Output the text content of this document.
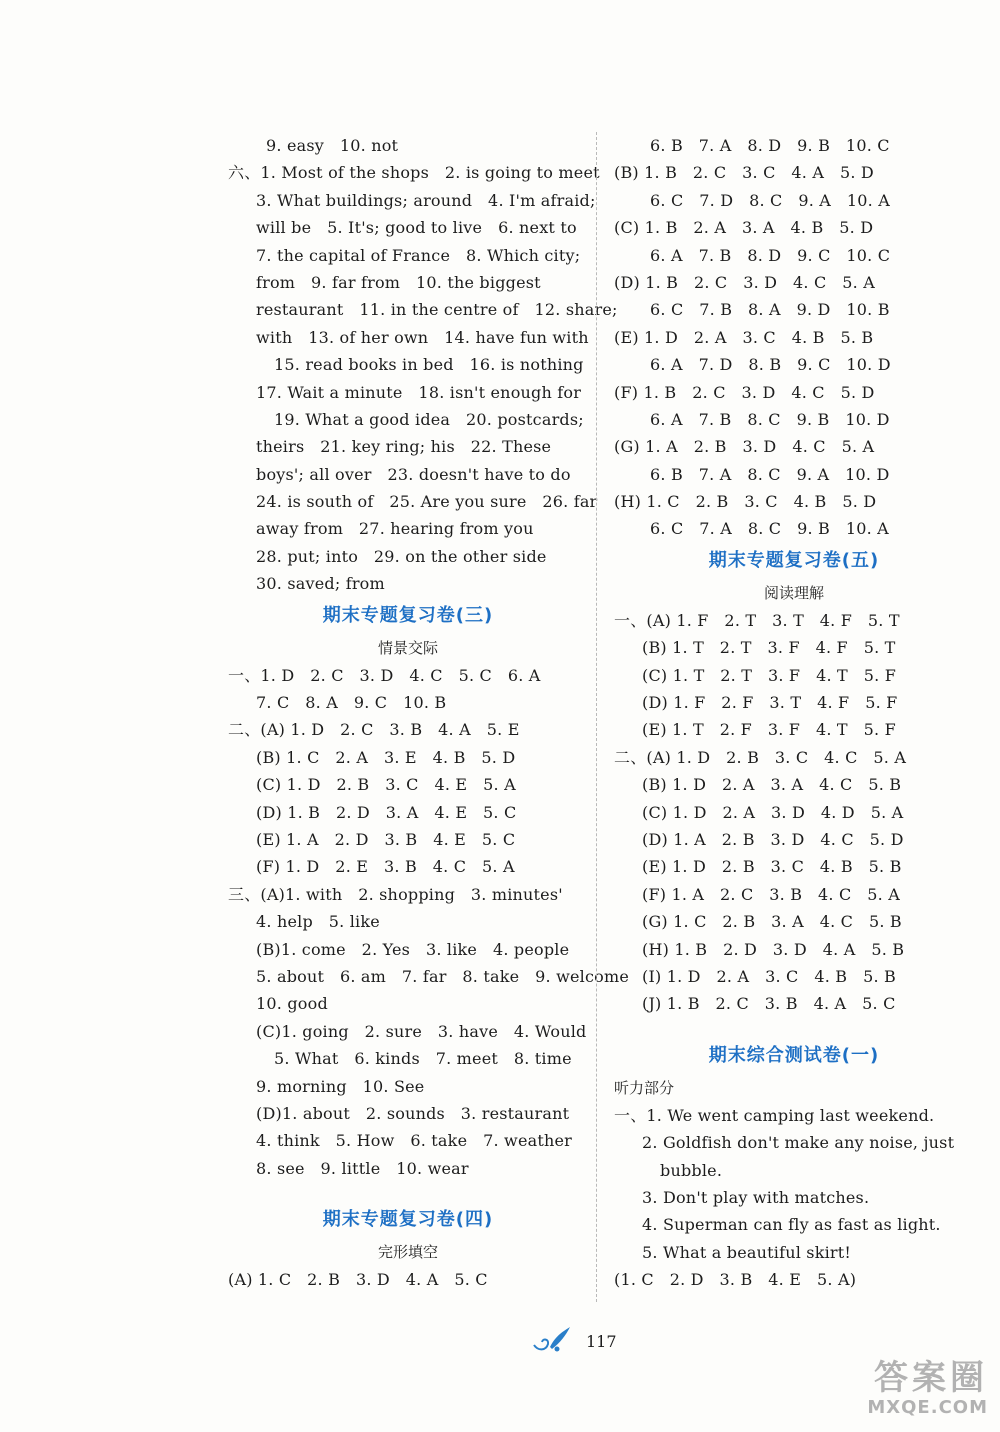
9. easy   10. not
六、1. Most of the shops   2. is going to meet
3. What buildings; around   4. I'm afraid;
will be   5. It's; good to live   6. next to
7. the capital of France   8. Which city;
from   9. far from   10. the biggest
restaurant   11. in the centre of   12. share;
with   13. of her own   14. have fun with
15. read books in bed   16. is nothing
17. Wait a minute   18. isn't enough for
19. What a good idea   20. postcards;
theirs   21. key ring; his   22. These
boys'; all over   23. doesn't have to do
24. is south of   25. Are you sure   26. far
away from   27. hearing from you
28. put; into   29. on the other side
30. saved; from
期末专题复习卷(三)
情景交际
一、1. D   2. C   3. D   4. C   5. C   6. A
7. C   8. A   9. C   10. B
二、(A) 1. D   2. C   3. B   4. A   5. E
(B) 1. C   2. A   3. E   4. B   5. D
(C) 1. D   2. B   3. C   4. E   5. A
(D) 1. B   2. D   3. A   4. E   5. C
(E) 1. A   2. D   3. B   4. E   5. C
(F) 1. D   2. E   3. B   4. C   5. A
三、(A)1. with   2. shopping   3. minutes'
4. help   5. like
(B)1. come   2. Yes   3. like   4. people
5. about   6. am   7. far   8. take   9. welcome
10. good
(C)1. going   2. sure   3. have   4. Would
5. What   6. kinds   7. meet   8. time
9. morning   10. See
(D)1. about   2. sounds   3. restaurant
4. think   5. How   6. take   7. weather
8. see   9. little   10. wear
期末专题复习卷(四)
完形填空
(A) 1. C   2. B   3. D   4. A   5. C
6. B   7. A   8. D   9. B   10. C
(B) 1. B   2. C   3. C   4. A   5. D
6. C   7. D   8. C   9. A   10. A
(C) 1. B   2. A   3. A   4. B   5. D
6. A   7. B   8. D   9. C   10. C
(D) 1. B   2. C   3. D   4. C   5. A
6. C   7. B   8. A   9. D   10. B
(E) 1. D   2. A   3. C   4. B   5. B
6. A   7. D   8. B   9. C   10. D
(F) 1. B   2. C   3. D   4. C   5. D
6. A   7. B   8. C   9. B   10. D
(G) 1. A   2. B   3. D   4. C   5. A
6. B   7. A   8. C   9. A   10. D
(H) 1. C   2. B   3. C   4. B   5. D
6. C   7. A   8. C   9. B   10. A
期末专题复习卷(五)
阅读理解
一、(A) 1. F   2. T   3. T   4. F   5. T
(B) 1. T   2. T   3. F   4. F   5. T
(C) 1. T   2. T   3. F   4. T   5. F
(D) 1. F   2. F   3. T   4. F   5. F
(E) 1. T   2. F   3. F   4. T   5. F
二、(A) 1. D   2. B   3. C   4. C   5. A
(B) 1. D   2. A   3. A   4. C   5. B
(C) 1. D   2. A   3. D   4. D   5. A
(D) 1. A   2. B   3. D   4. C   5. D
(E) 1. D   2. B   3. C   4. B   5. B
(F) 1. A   2. C   3. B   4. C   5. A
(G) 1. C   2. B   3. A   4. C   5. B
(H) 1. B   2. D   3. D   4. A   5. B
(I) 1. D   2. A   3. C   4. B   5. B
(J) 1. B   2. C   3. B   4. A   5. C
期末综合测试卷(一)
听力部分
一、1. We went camping last weekend.
2. Goldfish don't make any noise, just
bubble.
3. Don't play with matches.
4. Superman can fly as fast as light.
5. What a beautiful skirt!
(1. C   2. D   3. B   4. E   5. A)
117
答案圈
MXQE.COM
